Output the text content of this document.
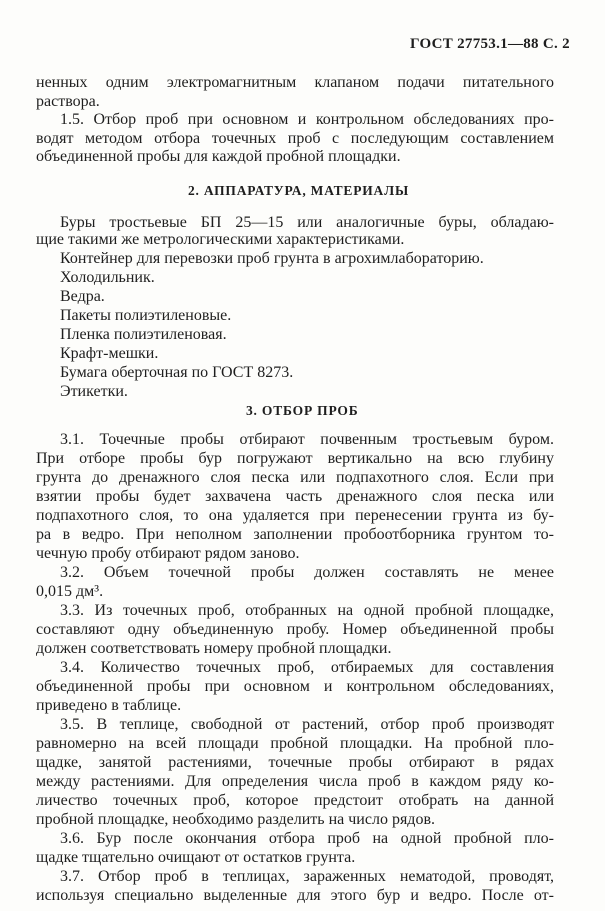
ГОСТ 27753.1—88 С. 2
ненных одним электромагнитным клапаном подачи питательного
раствора.
1.5. Отбор проб при основном и контрольном обследованиях про-
водят методом отбора точечных проб с последующим составлением
объединенной пробы для каждой пробной площадки.
2. АППАРАТУРА, МАТЕРИАЛЫ
Буры тростьевые БП 25—15 или аналогичные буры, обладаю-
щие такими же метрологическими характеристиками.
Контейнер для перевозки проб грунта в агрохимлабораторию.
Холодильник.
Ведра.
Пакеты полиэтиленовые.
Пленка полиэтиленовая.
Крафт-мешки.
Бумага оберточная по ГОСТ 8273.
Этикетки.
3. ОТБОР ПРОБ
3.1. Точечные пробы отбирают почвенным тростьевым буром.
При отборе пробы бур погружают вертикально на всю глубину
грунта до дренажного слоя песка или подпахотного слоя. Если при
взятии пробы будет захвачена часть дренажного слоя песка или
подпахотного слоя, то она удаляется при перенесении грунта из бу-
ра в ведро. При неполном заполнении пробоотборника грунтом то-
чечную пробу отбирают рядом заново.
3.2. Объем точечной пробы должен составлять не менее
0,015 дм³.
3.3. Из точечных проб, отобранных на одной пробной площадке,
составляют одну объединенную пробу. Номер объединенной пробы
должен соответствовать номеру пробной площадки.
3.4. Количество точечных проб, отбираемых для составления
объединенной пробы при основном и контрольном обследованиях,
приведено в таблице.
3.5. В теплице, свободной от растений, отбор проб производят
равномерно на всей площади пробной площадки. На пробной пло-
щадке, занятой растениями, точечные пробы отбирают в рядах
между растениями. Для определения числа проб в каждом ряду ко-
личество точечных проб, которое предстоит отобрать на данной
пробной площадке, необходимо разделить на число рядов.
3.6. Бур после окончания отбора проб на одной пробной пло-
щадке тщательно очищают от остатков грунта.
3.7. Отбор проб в теплицах, зараженных нематодой, проводят,
используя специально выделенные для этого бур и ведро. После от-
